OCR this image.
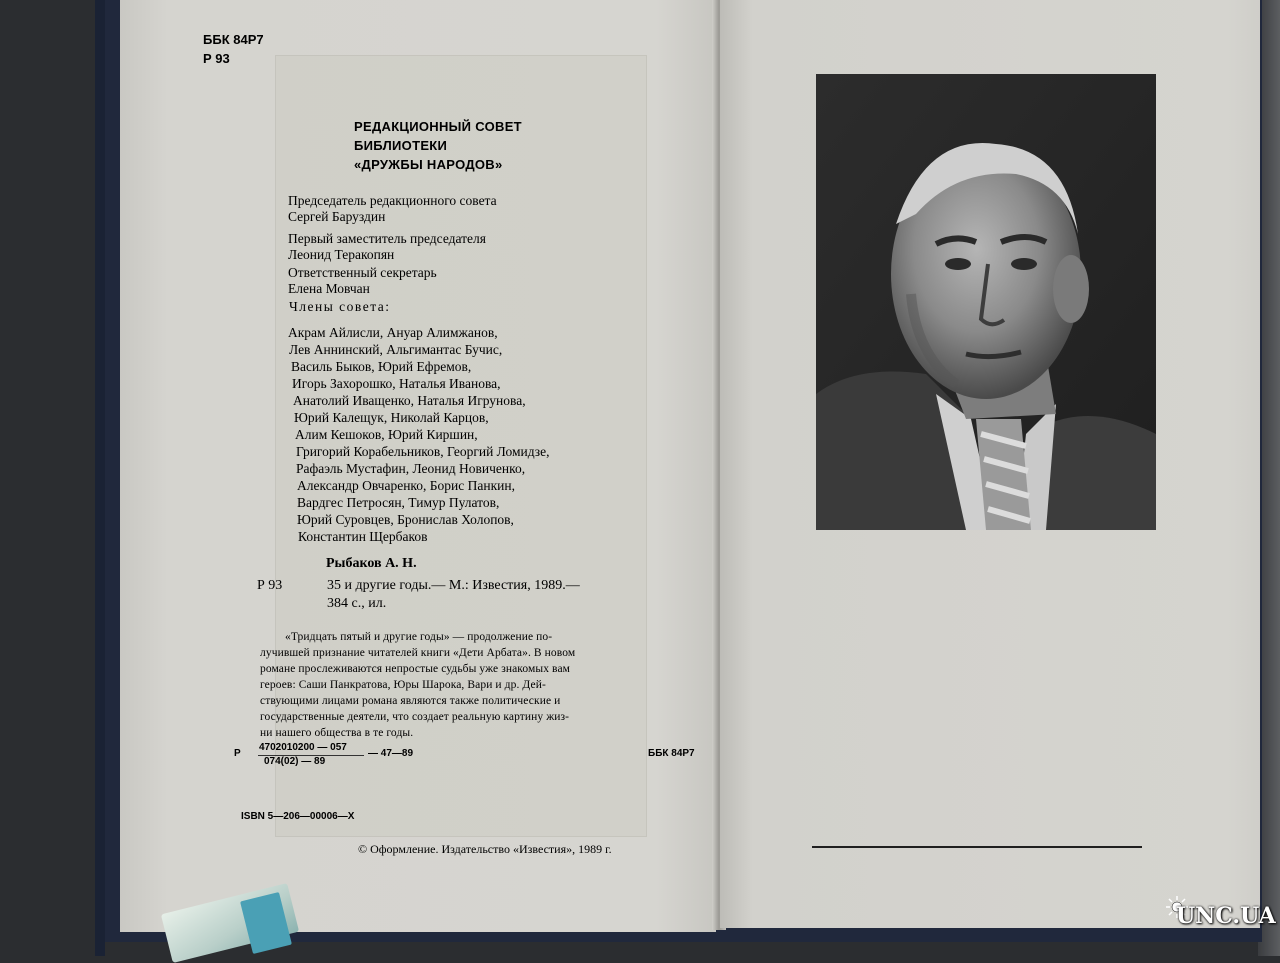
ББК 84Р7

Р 93

РЕДАКЦИОННЫЙ СОВЕТ

БИБЛИОТЕКИ

«ДРУЖБЫ НАРОДОВ»

Председатель редакционного совета

Сергей Баруздин

Первый заместитель председателя

Леонид Теракопян

Ответственный секретарь

Елена Мовчан

Члены совета:

Акрам Айлисли, Ануар Алимжанов,

Лев Аннинский, Альгимантас Бучис,

Василь Быков, Юрий Ефремов,

Игорь Захорошко, Наталья Иванова,

Анатолий Иващенко, Наталья Игрунова,

Юрий Калещук, Николай Карцов,

Алим Кешоков, Юрий Киршин,

Григорий Корабельников, Георгий Ломидзе,

Рафаэль Мустафин, Леонид Новиченко,

Александр Овчаренко, Борис Панкин,

Вардгес Петросян, Тимур Пулатов,

Юрий Суровцев, Бронислав Холопов,

Константин Щербаков

Рыбаков А. Н.

Р 93	35 и другие годы.— М.: Известия, 1989.—

384 с., ил.

«Тридцать пятый и другие годы» — продолжение по-

лучившей признание читателей книги «Дети Арбата». В новом

романе прослеживаются непростые судьбы уже знакомых вам

героев: Саши Панкратова, Юры Шарока, Вари и др. Дей-

ствующими лицами романа являются также политические и

государственные деятели, что создает реальную картину жиз-

ни нашего общества в те годы.

Р

4702010200 — 057

074(02) — 89

— 47—89	ББК 84Р7

ISBN 5—206—00006—X

© Оформление. Издательство «Известия», 1989 г.

UNC.UA
